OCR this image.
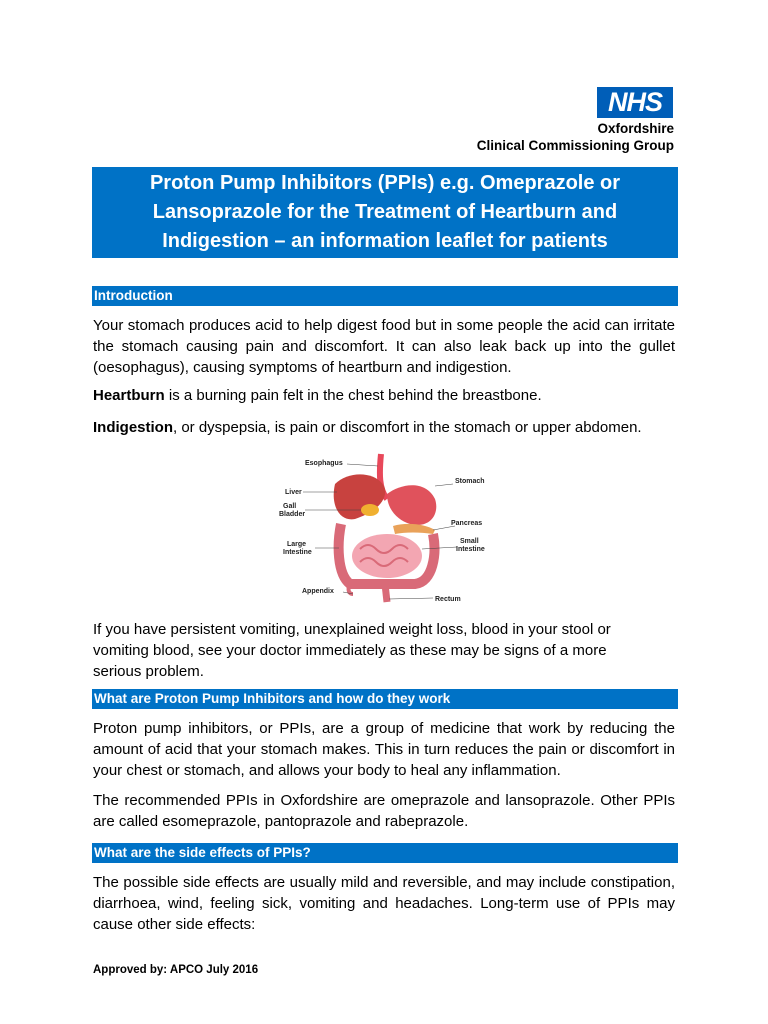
NHS
Oxfordshire
Clinical Commissioning Group
Proton Pump Inhibitors (PPIs) e.g. Omeprazole or Lansoprazole for the Treatment of Heartburn and Indigestion – an information leaflet for patients
Introduction

Your stomach produces acid to help digest food but in some people the acid can irritate the stomach causing pain and discomfort. It can also leak back up into the gullet (oesophagus), causing symptoms of heartburn and indigestion.

Heartburn is a burning pain felt in the chest behind the breastbone.

Indigestion, or dyspepsia, is pain or discomfort in the stomach or upper abdomen.

Esophagus
Liver
Gall
Bladder
Large
Intestine
Appendix
Stomach
Pancreas
Small
Intestine
Rectum

If you have persistent vomiting, unexplained weight loss, blood in your stool or vomiting blood, see your doctor immediately as these may be signs of a more serious problem.

What are Proton Pump Inhibitors and how do they work

Proton pump inhibitors, or PPIs, are a group of medicine that work by reducing the amount of acid that your stomach makes. This in turn reduces the pain or discomfort in your chest or stomach, and allows your body to heal any inflammation.

The recommended PPIs in Oxfordshire are omeprazole and lansoprazole. Other PPIs are called esomeprazole, pantoprazole and rabeprazole.

What are the side effects of PPIs?

The possible side effects are usually mild and reversible, and may include constipation, diarrhoea, wind, feeling sick, vomiting and headaches. Long-term use of PPIs may cause other side effects:

Approved by: APCO July 2016
